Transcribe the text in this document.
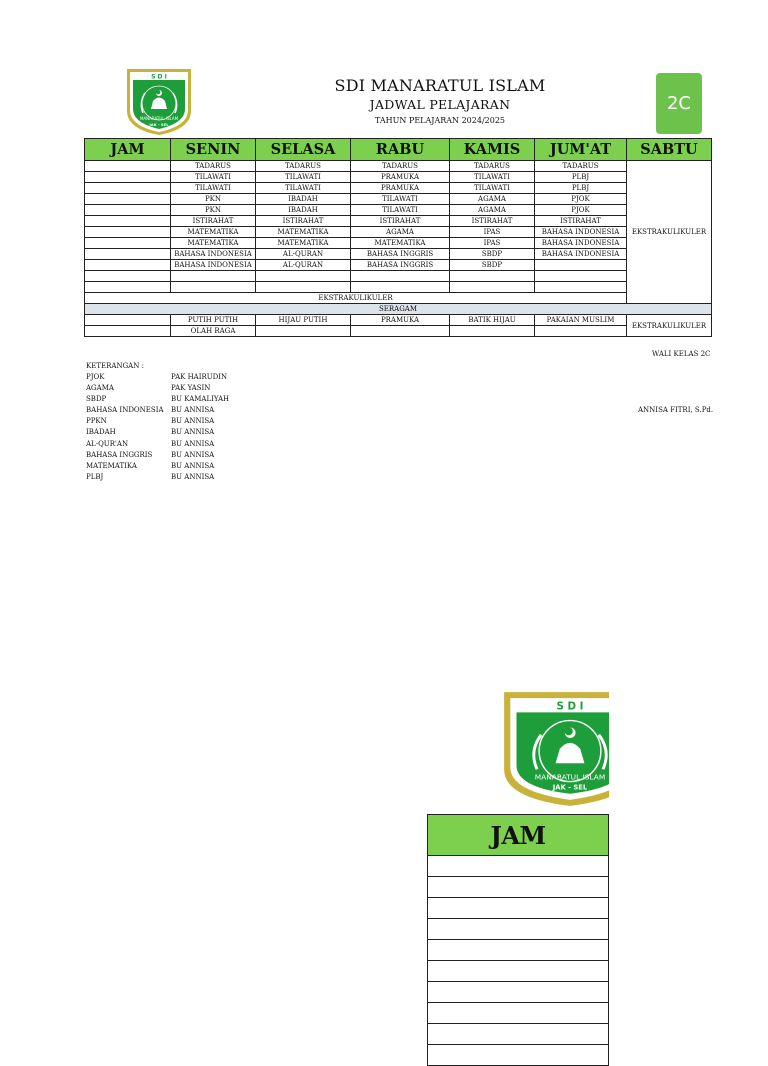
S D I
MANARATUL ISLAM
JAK - SEL
SDI MANARATUL ISLAM
JADWAL PELAJARAN
TAHUN PELAJARAN 2024/2025
2C
JAM	SENIN	SELASA	RABU	KAMIS	JUM'AT	SABTU
	TADARUS	TADARUS	TADARUS	TADARUS	TADARUS	EKSTRAKULIKULER
	TILAWATI	TILAWATI	PRAMUKA	TILAWATI	PLBJ	
	TILAWATI	TILAWATI	PRAMUKA	TILAWATI	PLBJ	
	PKN	IBADAH	TILAWATI	AGAMA	PJOK	
	PKN	IBADAH	TILAWATI	AGAMA	PJOK	
	ISTIRAHAT	ISTIRAHAT	ISTIRAHAT	ISTIRAHAT	ISTIRAHAT	
	MATEMATIKA	MATEMATIKA	AGAMA	IPAS	BAHASA INDONESIA	
	MATEMATIKA	MATEMATIKA	MATEMATIKA	IPAS	BAHASA INDONESIA	
	BAHASA INDONESIA	AL-QURAN	BAHASA INGGRIS	SBDP	BAHASA INDONESIA	
	BAHASA INDONESIA	AL-QURAN	BAHASA INGGRIS	SBDP		

EKSTRAKULIKULER						
SERAGAM						
	PUTIH PUTIH	HIJAU PUTIH	PRAMUKA	BATIK HIJAU	PAKAIAN MUSLIM	EKSTRAKULIKULER
	OLAH RAGA					
WALI KELAS 2C
ANNISA FITRI, S.Pd.
KETERANGAN :
PJOK	PAK HAIRUDIN
AGAMA	PAK YASIN
SBDP	BU KAMALIYAH
BAHASA INDONESIA	BU ANNISA
PPKN	BU ANNISA
IBADAH	BU ANNISA
AL-QUR'AN	BU ANNISA
BAHASA INGGRIS	BU ANNISA
MATEMATIKA	BU ANNISA
PLBJ	BU ANNISA
S D I
MANARATUL ISLAM
JAK - SEL
JAM
